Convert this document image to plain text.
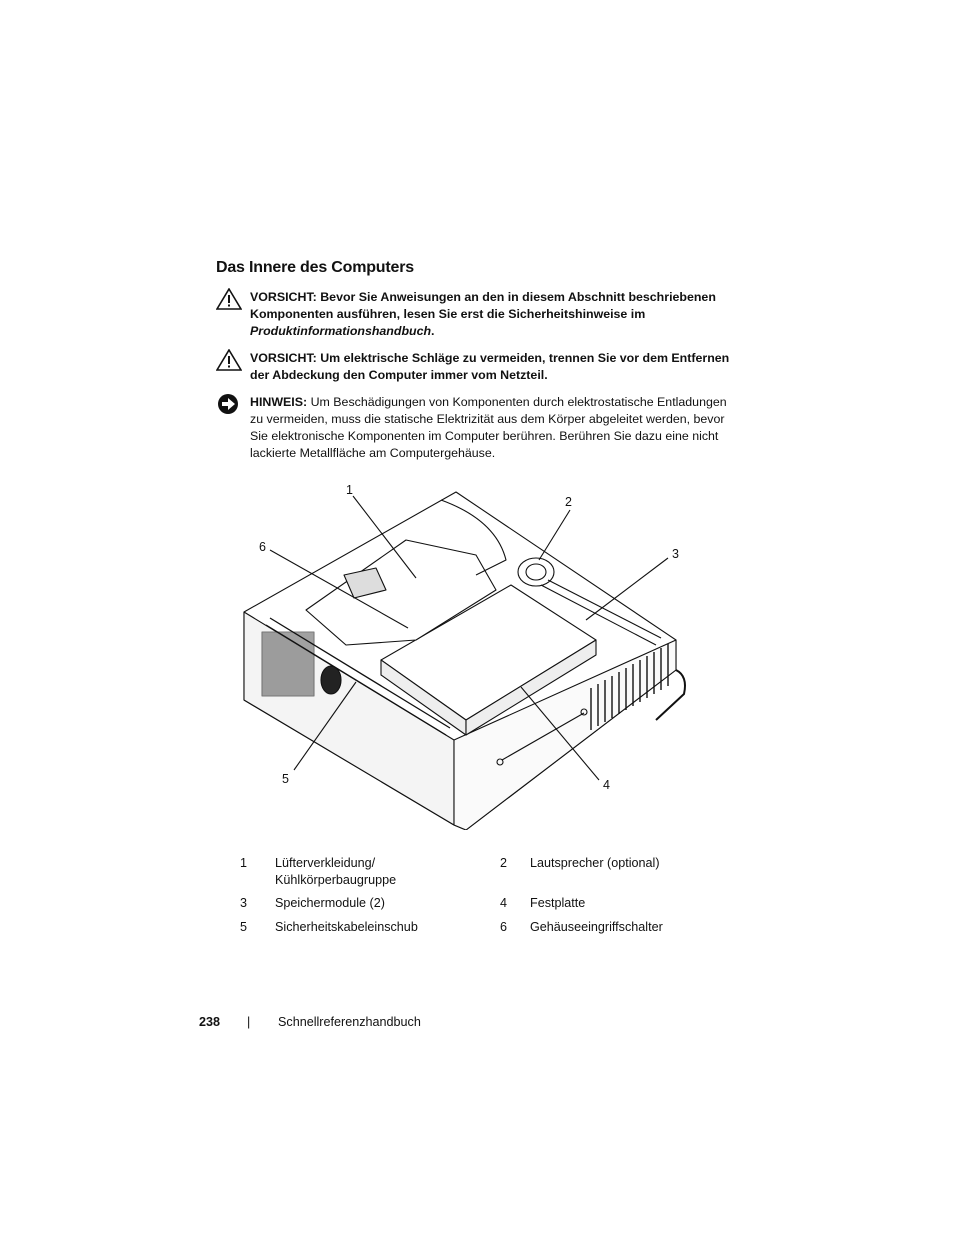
Das Innere des Computers
VORSICHT: Bevor Sie Anweisungen an den in diesem Abschnitt beschriebenen Komponenten ausführen, lesen Sie erst die Sicherheitshinweise im Produktinformationshandbuch.
VORSICHT: Um elektrische Schläge zu vermeiden, trennen Sie vor dem Entfernen der Abdeckung den Computer immer vom Netzteil.
HINWEIS: Um Beschädigungen von Komponenten durch elektrostatische Entladungen zu vermeiden, muss die statische Elektrizität aus dem Körper abgeleitet werden, bevor Sie elektronische Komponenten im Computer berühren. Berühren Sie dazu eine nicht lackierte Metallfläche am Computergehäuse.
1
2
3
4
5
6
1 Lüfterverkleidung/ Kühlkörperbaugruppe
2 Lautsprecher (optional)
3 Speichermodule (2)	4 Festplatte
5 Sicherheitskabeleinschub	6 Gehäuseeingriffschalter
238 | Schnellreferenzhandbuch
